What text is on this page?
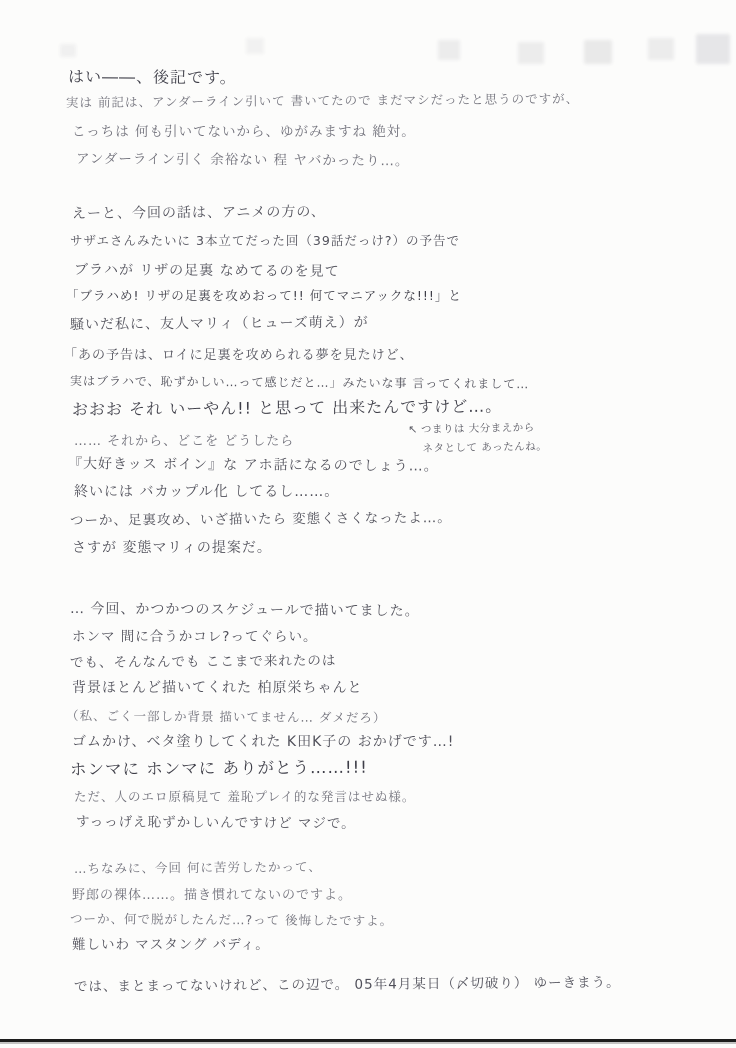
はい――、後記です。
実は 前記は、アンダーライン引いて 書いてたので まだマシだったと思うのですが、
こっちは 何も引いてないから、ゆがみますね 絶対。
アンダーライン引く 余裕ない 程 ヤバかったり…。
えーと、今回の話は、アニメの方の、
サザエさんみたいに 3本立てだった回（39話だっけ?）の予告で
ブラハが リザの足裏 なめてるのを見て
「ブラハめ! リザの足裏を攻めおって!! 何てマニアックな!!!」と
騒いだ私に、友人マリィ（ヒューズ萌え）が
「あの予告は、ロイに足裏を攻められる夢を見たけど、
実はブラハで、恥ずかしい…って感じだと…」みたいな事 言ってくれまして…
おおお それ いーやん!! と思って 出来たんですけど…。
…… それから、どこを どうしたら
『大好きッス ボイン』な アホ話になるのでしょう…。
終いには バカップル化 してるし……。
つーか、足裏攻め、いざ描いたら 変態くさくなったよ…。
さすが 変態マリィの提案だ。
… 今回、かつかつのスケジュールで描いてました。
ホンマ 間に合うかコレ?ってぐらい。
でも、そんなんでも ここまで来れたのは
背景ほとんど描いてくれた 柏原栄ちゃんと
（私、ごく一部しか背景 描いてません… ダメだろ）
ゴムかけ、ベタ塗りしてくれた K田K子の おかげです…!
ホンマに ホンマに ありがとう……!!!
ただ、人のエロ原稿見て 羞恥プレイ的な発言はせぬ様。
すっっげえ恥ずかしいんですけど マジで。
…ちなみに、今回 何に苦労したかって、
野郎の裸体……。描き慣れてないのですよ。
つーか、何で脱がしたんだ…?って 後悔したですよ。
難しいわ マスタング バディ。
では、まとまってないけれど、この辺で。 05年4月某日（〆切破り） ゆーきまう。
↖ つまりは 大分まえから
ネタとして あったんね。
